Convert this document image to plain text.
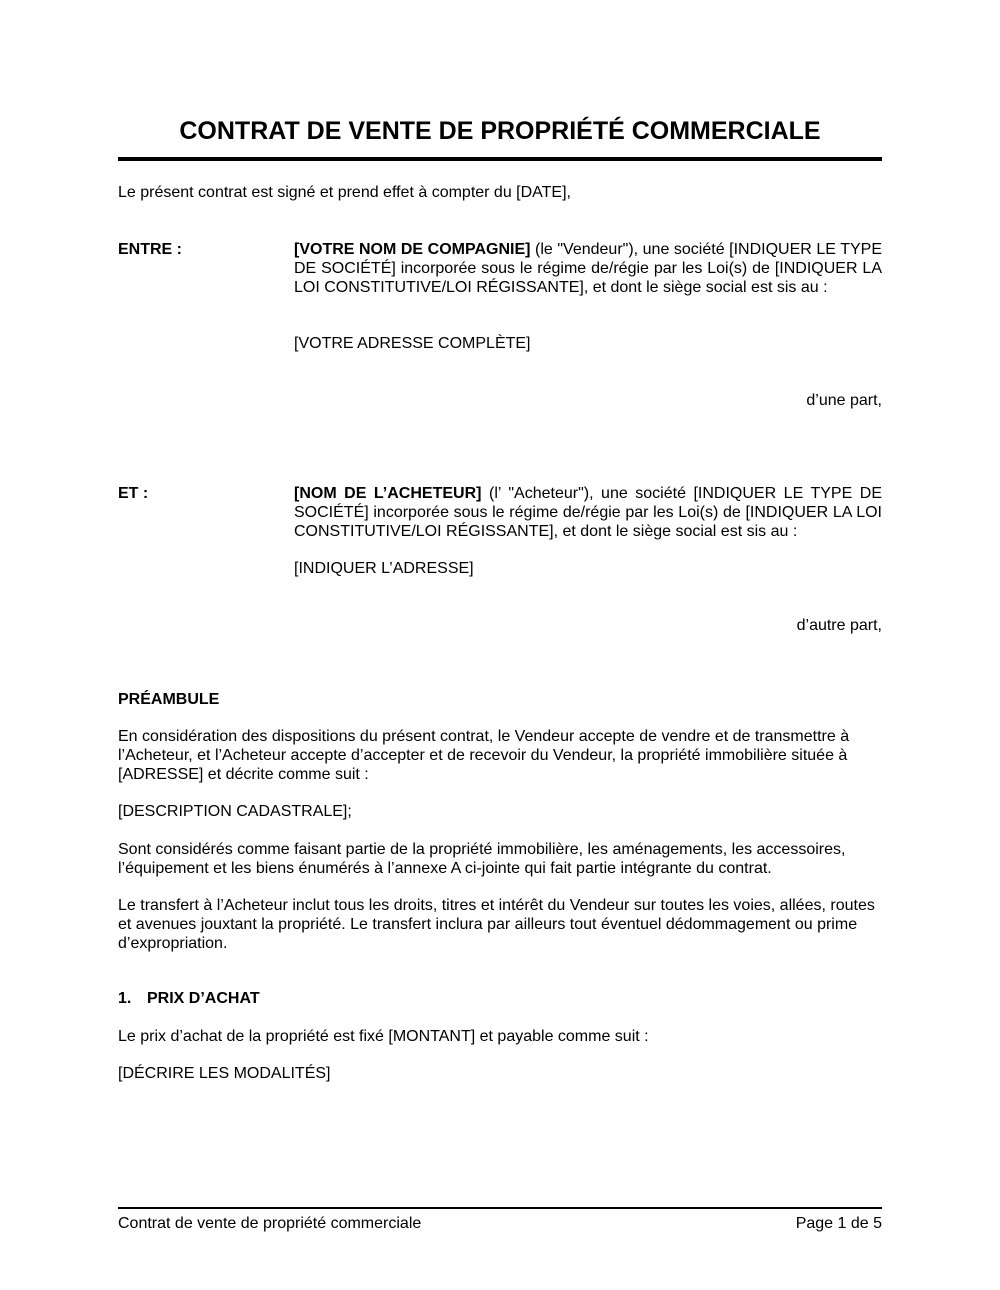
CONTRAT DE VENTE DE PROPRIÉTÉ COMMERCIALE

Le présent contrat est signé et prend effet à compter du [DATE],

ENTRE :	[VOTRE NOM DE COMPAGNIE] (le "Vendeur"), une société [INDIQUER LE TYPE DE SOCIÉTÉ] incorporée sous le régime de/régie par les Loi(s) de [INDIQUER LA LOI CONSTITUTIVE/LOI RÉGISSANTE], et dont le siège social est sis au :

[VOTRE ADRESSE COMPLÈTE]

d’une part,

ET :	[NOM DE L’ACHETEUR] (l’ "Acheteur"), une société [INDIQUER LE TYPE DE SOCIÉTÉ] incorporée sous le régime de/régie par les Loi(s) de [INDIQUER LA LOI CONSTITUTIVE/LOI RÉGISSANTE], et dont le siège social est sis au :

[INDIQUER L’ADRESSE]

d’autre part,

PRÉAMBULE

En considération des dispositions du présent contrat, le Vendeur accepte de vendre et de transmettre à l’Acheteur, et l’Acheteur accepte d’accepter et de recevoir du Vendeur, la propriété immobilière située à [ADRESSE] et décrite comme suit :

[DESCRIPTION CADASTRALE];

Sont considérés comme faisant partie de la propriété immobilière, les aménagements, les accessoires, l’équipement et les biens énumérés à l’annexe A ci-jointe qui fait partie intégrante du contrat.

Le transfert à l’Acheteur inclut tous les droits, titres et intérêt du Vendeur sur toutes les voies, allées, routes et avenues jouxtant la propriété. Le transfert inclura par ailleurs tout éventuel dédommagement ou prime d’expropriation.

1. PRIX D’ACHAT

Le prix d’achat de la propriété est fixé [MONTANT] et payable comme suit :

[DÉCRIRE LES MODALITÉS]

Contrat de vente de propriété commerciale	Page 1 de 5
